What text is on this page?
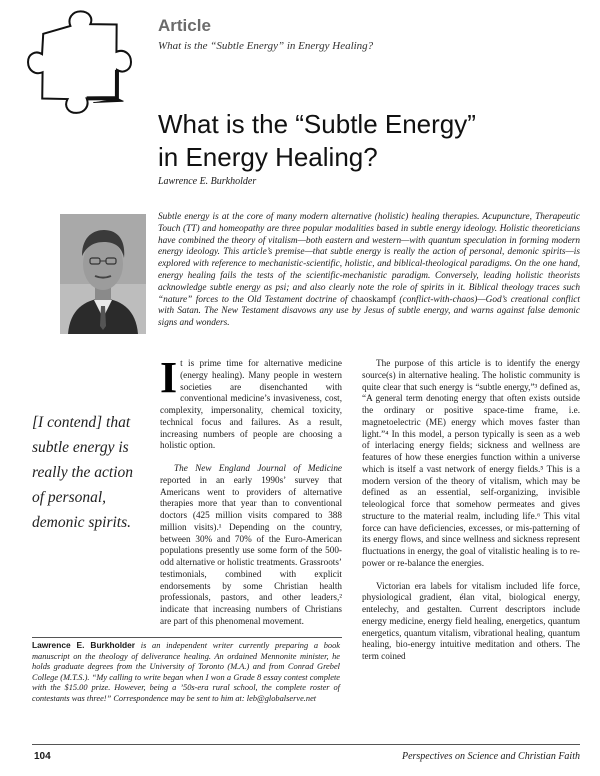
Article
What is the “Subtle Energy” in Energy Healing?
What is the “Subtle Energy”
in Energy Healing?
Lawrence E. Burkholder
Subtle energy is at the core of many modern alternative (holistic) healing therapies. Acupuncture, Therapeutic Touch (TT) and homeopathy are three popular modalities based in subtle energy ideology. Holistic theoreticians have combined the theory of vitalism—both eastern and western—with quantum speculation in forming modern energy ideology. This article’s premise—that subtle energy is really the action of personal, demonic spirits—is explored with reference to mechanistic-scientific, holistic, and biblical-theological paradigms. On the one hand, energy healing fails the tests of the scientific-mechanistic paradigm. Conversely, leading holistic theorists acknowledge subtle energy as psi; and also clearly note the role of spirits in it. Biblical theology traces such “nature” forces to the Old Testament doctrine of chaoskampf (conflict-with-chaos)—God’s creational conflict with Satan. The New Testament disavows any use by Jesus of subtle energy, and warns against false demonic signs and wonders.
[I contend] that subtle energy is really the action of personal, demonic spirits.

It is prime time for alternative medicine (energy healing). Many people in western societies are disenchanted with conventional medicine’s invasiveness, cost, complexity, impersonality, chemical toxicity, technical focus and failures. As a result, increasing numbers of people are choosing a holistic option.

The New England Journal of Medicine reported in an early 1990s’ survey that Americans went to providers of alternative therapies more that year than to conventional doctors (425 million visits compared to 388 million visits).¹ Depending on the country, between 30% and 70% of the Euro-American populations presently use some form of the 500-odd alternative or holistic treatments. Grassroots’ testimonials, combined with explicit endorsements by some Christian health professionals, pastors, and other leaders,² indicate that increasing numbers of Christians are part of this phenomenal movement.

The purpose of this article is to identify the energy source(s) in alternative healing. The holistic community is quite clear that such energy is “subtle energy,”³ defined as, “A general term denoting energy that often exists outside the ordinary or positive space-time frame, i.e. magnetoelectric (ME) energy which moves faster than light.”⁴ In this model, a person typically is seen as a web of interlacing energy fields; sickness and wellness are features of how these energies function within a universe which is itself a vast network of energy fields.⁵ This is a modern version of the theory of vitalism, which may be defined as an essential, self-organizing, invisible teleological force that somehow permeates and gives structure to the material realm, including life.⁶ This vital force can have deficiencies, excesses, or mis-patterning of its energy flows, and since wellness and sickness represent fluctuations in energy, the goal of vitalistic healing is to re-power or re-balance the energies.

Victorian era labels for vitalism included life force, physiological gradient, élan vital, biological energy, entelechy, and gestalten. Current descriptors include energy medicine, energy field healing, energetics, quantum energetics, quantum vitalism, vibrational healing, quantum healing, bio-energy intuitive meditation and others. The term coined

Lawrence E. Burkholder is an independent writer currently preparing a book manuscript on the theology of deliverance healing. An ordained Mennonite minister, he holds graduate degrees from the University of Toronto (M.A.) and from Conrad Grebel College (M.T.S.). “My calling to write began when I won a Grade 8 essay contest complete with the $15.00 prize. However, being a ’50s-era rural school, the complete roster of contestants was three!” Correspondence may be sent to him at: leb@globalserve.net
104	Perspectives on Science and Christian Faith
